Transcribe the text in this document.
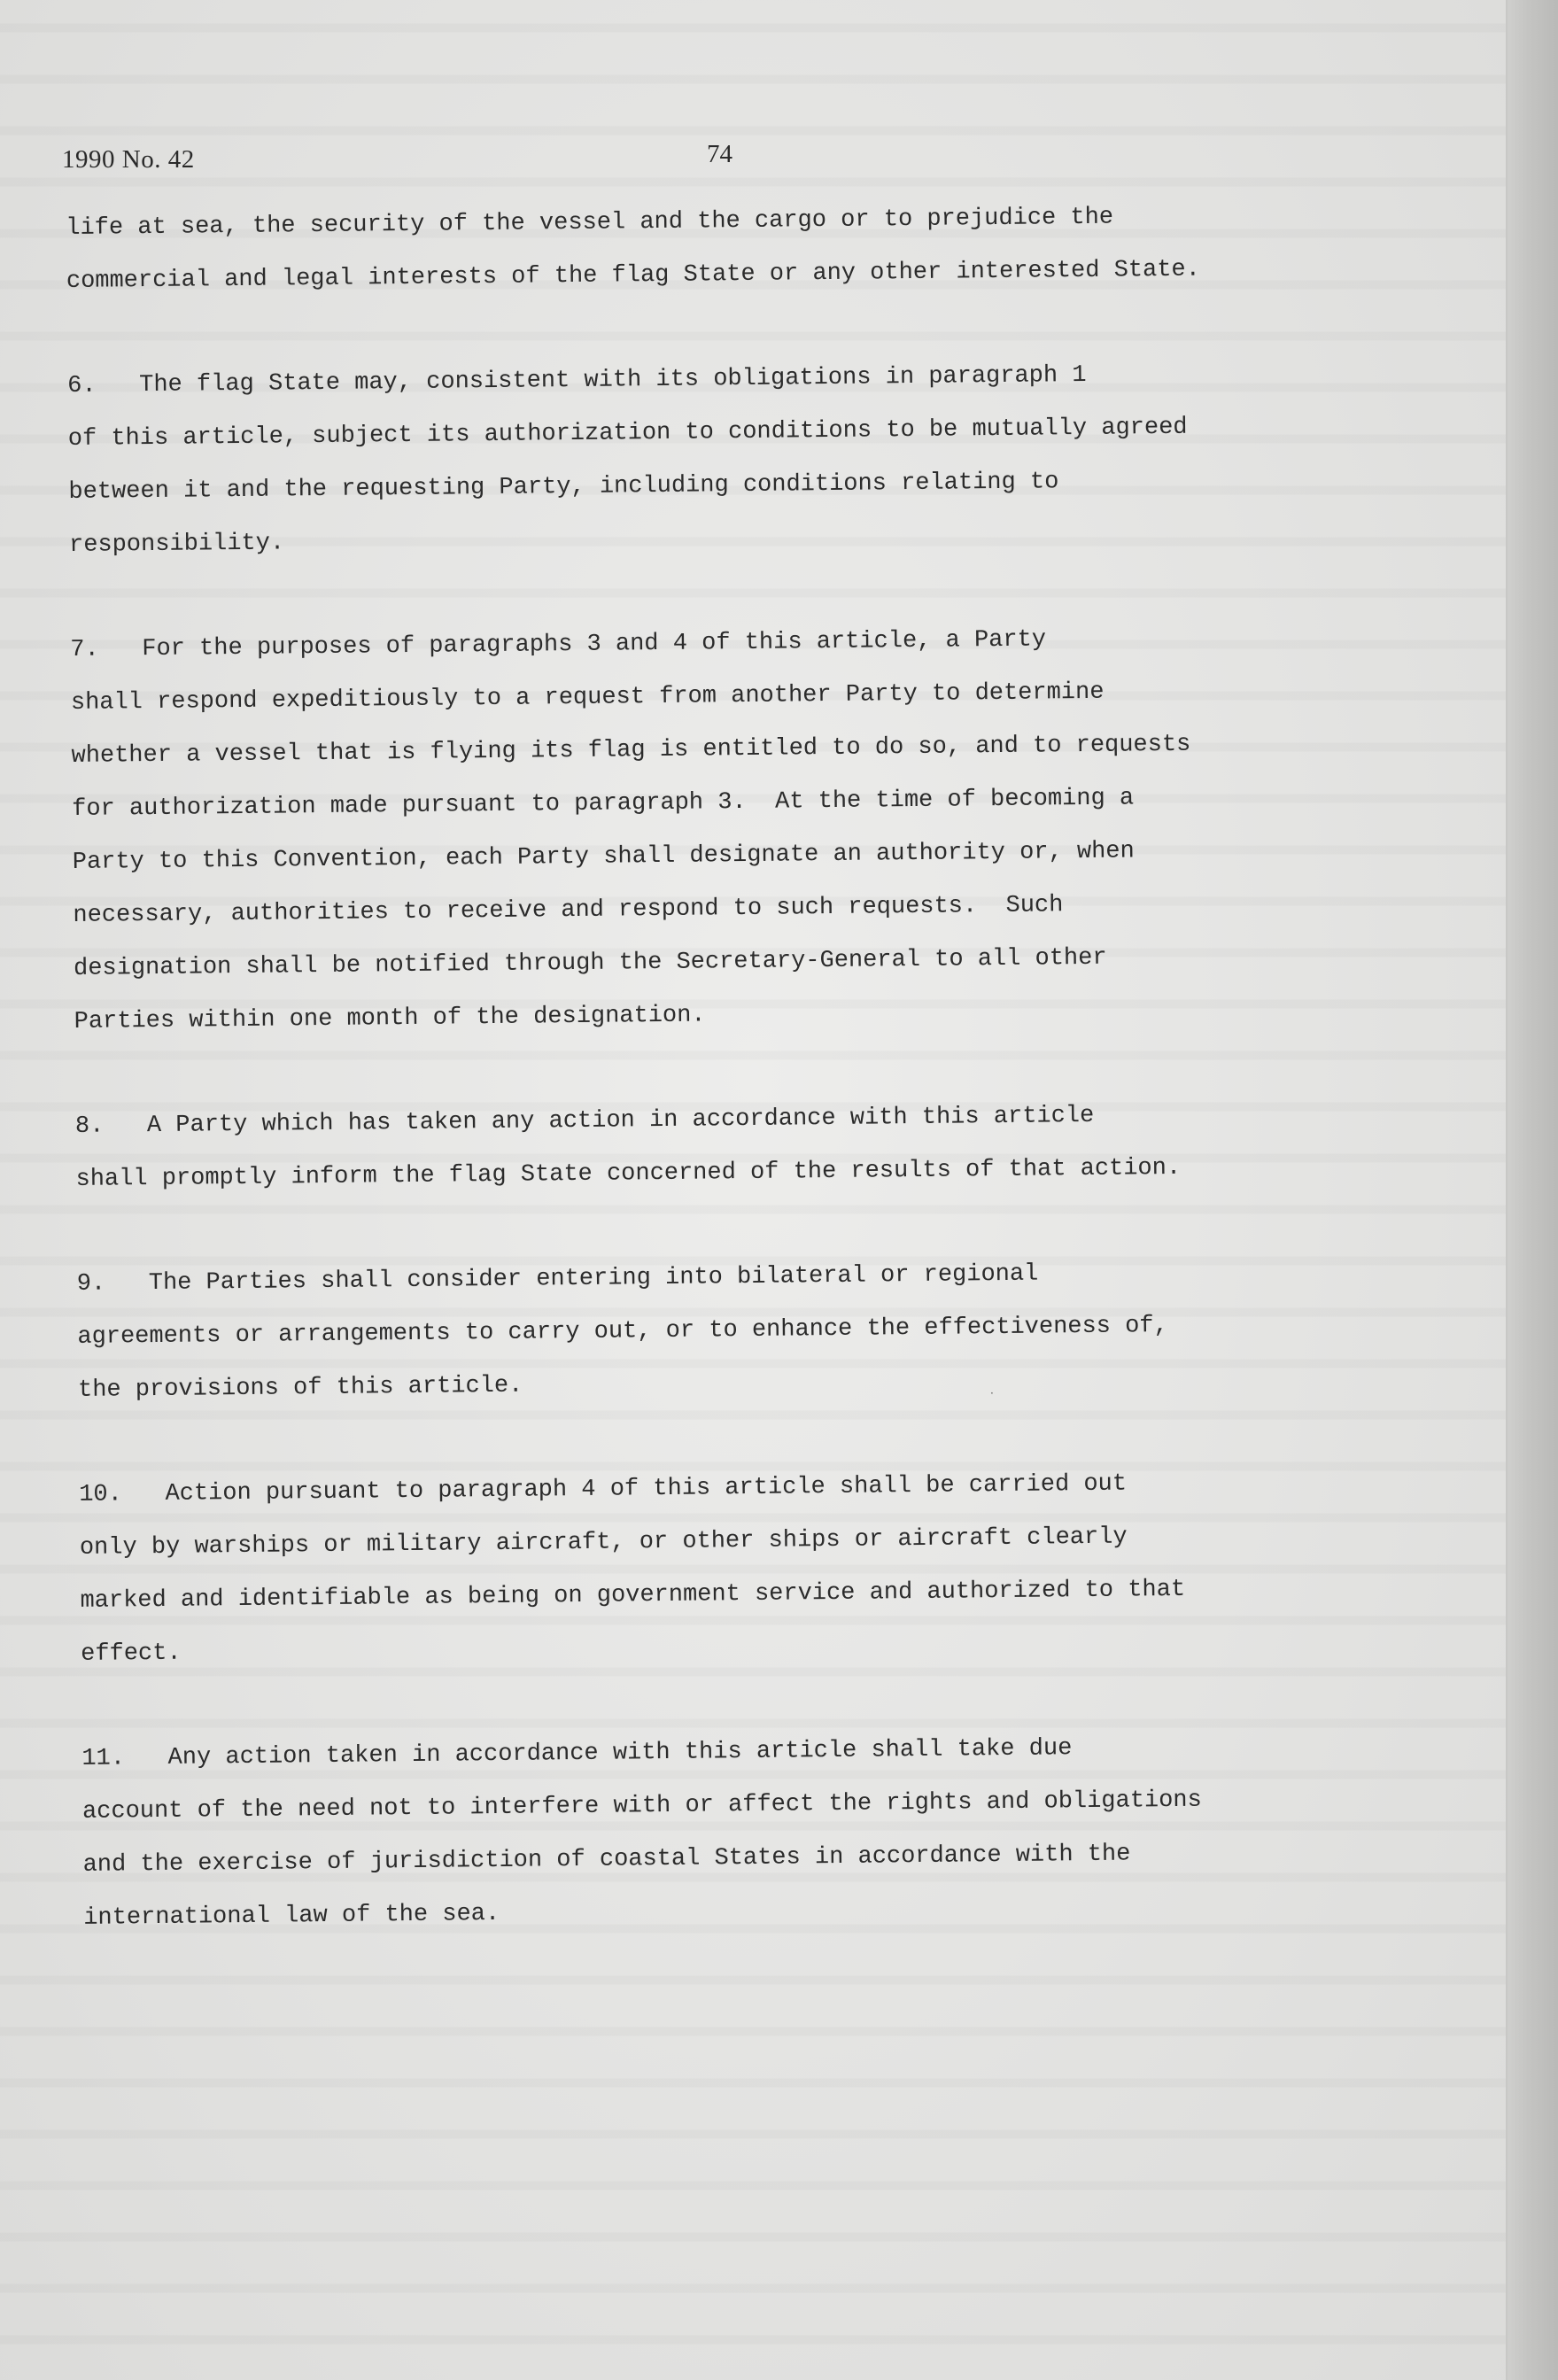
1990 No. 42	74
life at sea, the security of the vessel and the cargo or to prejudice the
commercial and legal interests of the flag State or any other interested State.
6. The flag State may, consistent with its obligations in paragraph 1
of this article, subject its authorization to conditions to be mutually agreed
between it and the requesting Party, including conditions relating to
responsibility.
7. For the purposes of paragraphs 3 and 4 of this article, a Party
shall respond expeditiously to a request from another Party to determine
whether a vessel that is flying its flag is entitled to do so, and to requests
for authorization made pursuant to paragraph 3.  At the time of becoming a
Party to this Convention, each Party shall designate an authority or, when
necessary, authorities to receive and respond to such requests.  Such
designation shall be notified through the Secretary-General to all other
Parties within one month of the designation.
8. A Party which has taken any action in accordance with this article
shall promptly inform the flag State concerned of the results of that action.
9. The Parties shall consider entering into bilateral or regional
agreements or arrangements to carry out, or to enhance the effectiveness of,
the provisions of this article.
10. Action pursuant to paragraph 4 of this article shall be carried out
only by warships or military aircraft, or other ships or aircraft clearly
marked and identifiable as being on government service and authorized to that
effect.
11. Any action taken in accordance with this article shall take due
account of the need not to interfere with or affect the rights and obligations
and the exercise of jurisdiction of coastal States in accordance with the
international law of the sea.
·
